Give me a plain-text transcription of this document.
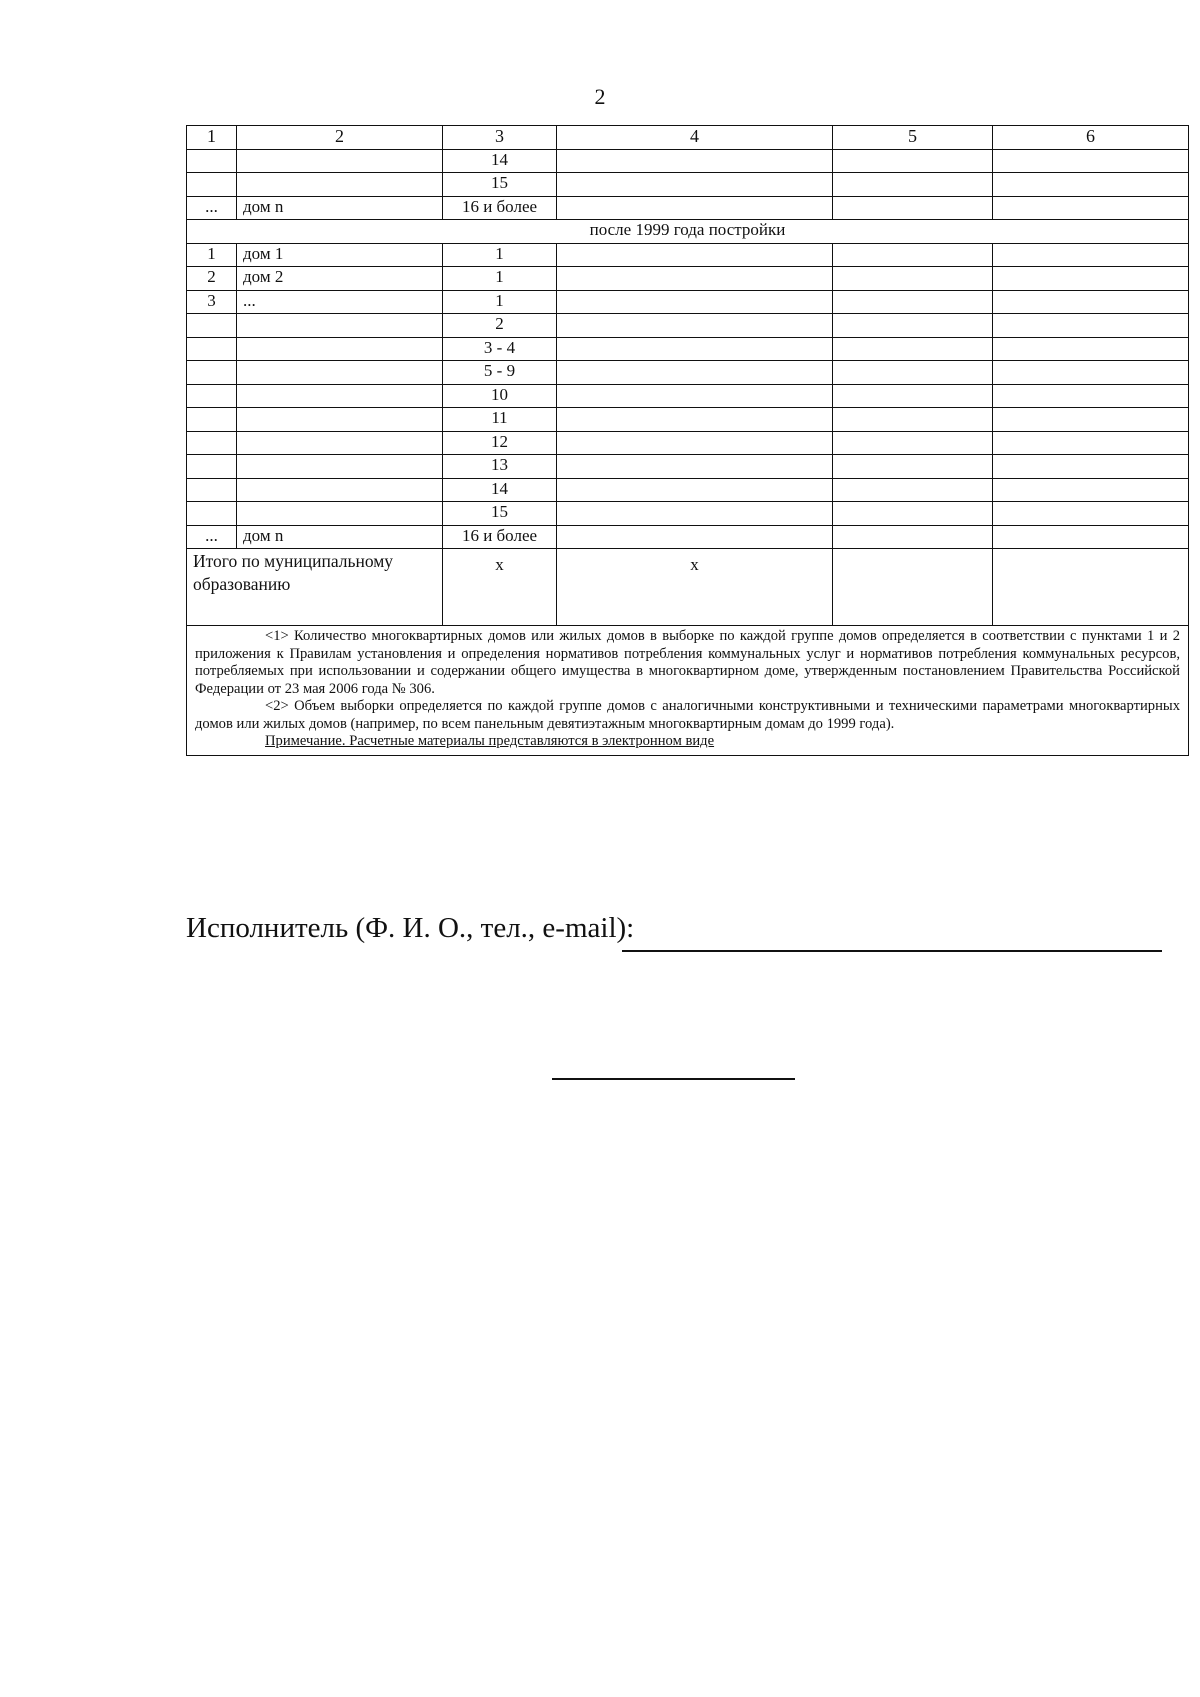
2
1	2	3	4	5	6
		14			
		15			
...	дом n	16 и более			
после 1999 года постройки					
1	дом 1	1			
2	дом 2	1			
3	...	1			
		2			
		3 - 4			
		5 - 9			
		10			
		11			
		12			
		13			
		14			
		15			
...	дом n	16 и более			
Итого по муниципальному образованию		x	x		

<1> Количество многоквартирных домов или жилых домов в выборке по каждой группе домов определяется в соответствии с пунктами 1 и 2 приложения к Правилам установления и определения нормативов потребления коммунальных услуг и нормативов потребления коммунальных ресурсов, потребляемых при использовании и содержании общего имущества в многоквартирном доме, утвержденным постановлением Правительства Российской Федерации от 23 мая 2006 года № 306.

<2> Объем выборки определяется по каждой группе домов с аналогичными конструктивными и техническими параметрами многоквартирных домов или жилых домов (например, по всем панельным девятиэтажным многоквартирным домам до 1999 года).

Примечание. Расчетные материалы представляются в электронном виде					

Исполнитель (Ф. И. О., тел., e-mail):
